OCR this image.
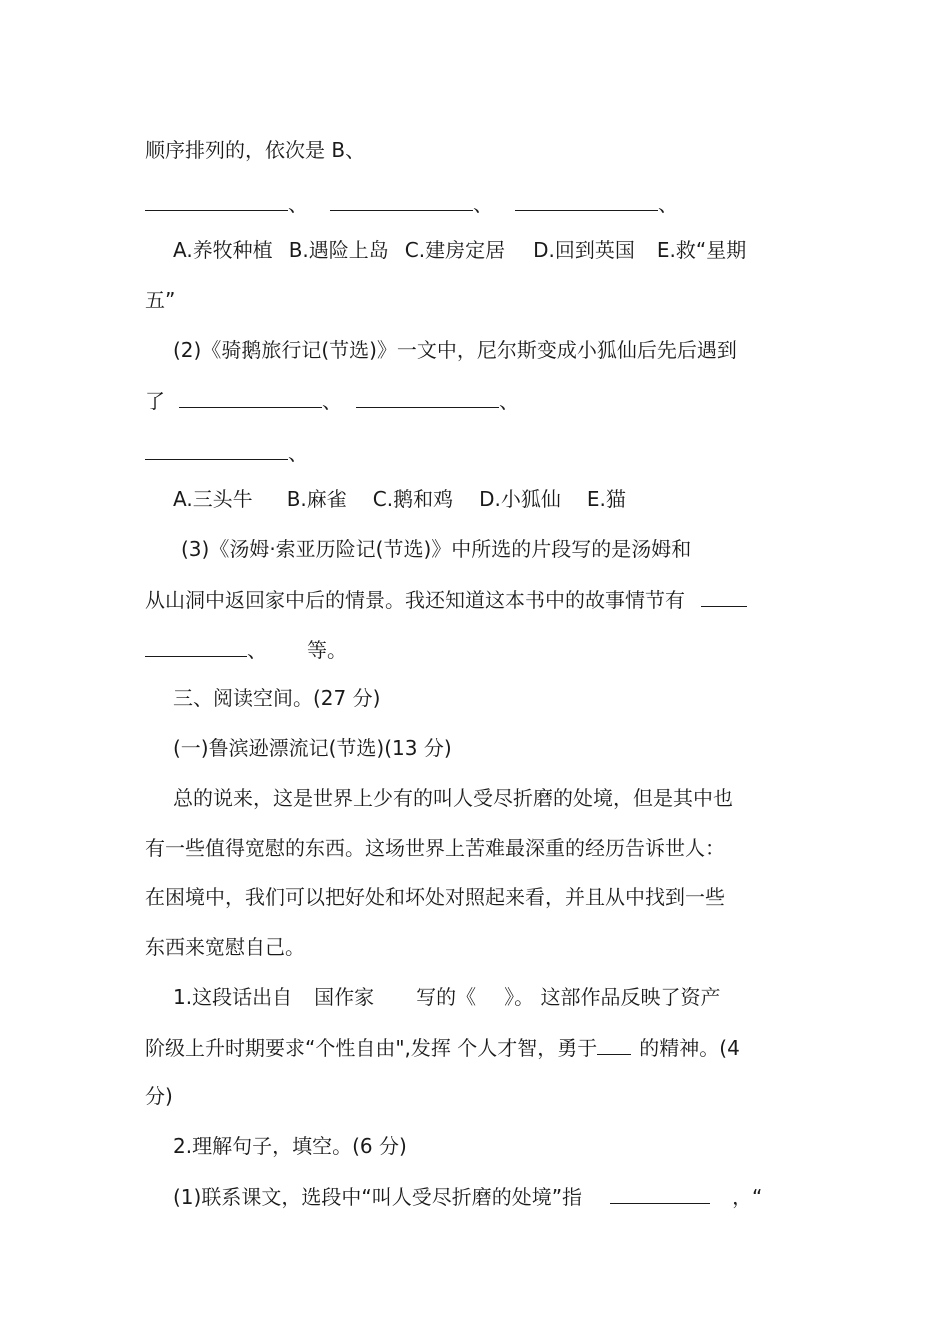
顺序排列的，依次是 B、
、	、	、
A.养牧种植 B.遇险上岛 C.建房定居 D.回到英国 E.救“星期
五”
(2)《骑鹅旅行记(节选)》一文中，尼尔斯变成小狐仙后先后遇到
了	、	、
、
A.三头牛 B.麻雀 C.鹅和鸡 D.小狐仙 E.猫
(3)《汤姆·索亚历险记(节选)》中所选的片段写的是汤姆和
从山洞中返回家中后的情景。我还知道这本书中的故事情节有
、 等。
三、阅读空间。(27 分)
(一)鲁滨逊漂流记(节选)(13 分)
总的说来，这是世界上少有的叫人受尽折磨的处境，但是其中也
有一些值得宽慰的东西。这场世界上苦难最深重的经历告诉世人：
在困境中，我们可以把好处和坏处对照起来看，并且从中找到一些
东西来宽慰自己。
1.这段话出自 国作家 写的《 》。 这部作品反映了资产
阶级上升时期要求“个性自由",发挥 个人才智，勇于 的精神。(4
分)
2.理解句子，填空。(6 分)
(1)联系课文，选段中“叫人受尽折磨的处境”指	，“
